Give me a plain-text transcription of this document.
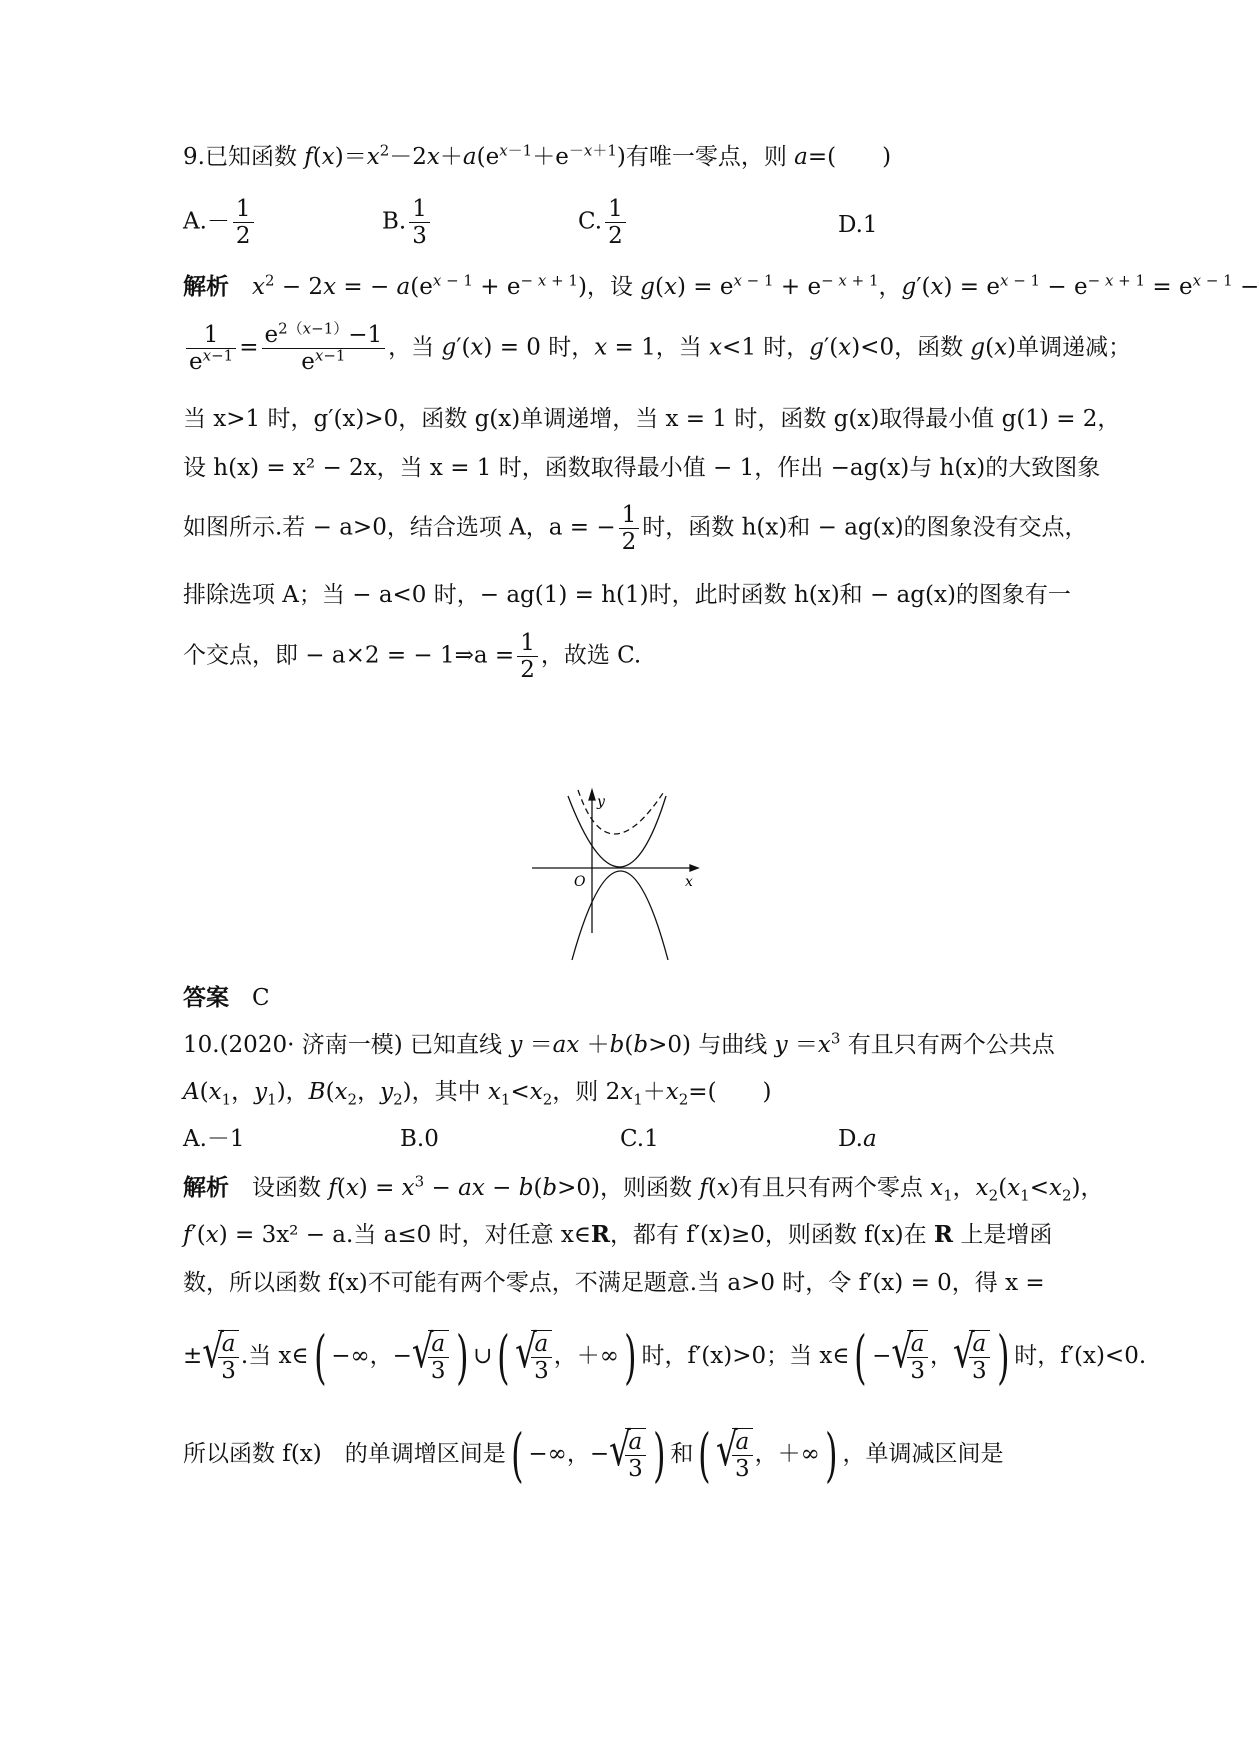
9.已知函数 $f(x)=x^2-2x+a(e^{x-1}+e^{-x+1})$有唯一零点，则 a=(　　)
$A.- \frac{1}{2}$	B. $\frac{1}{3}$	C. $\frac{1}{2}$	D.1
解析　 $x^2 - 2x$ = − $a(e^{x - 1} + e^{- x + 1})$，设 $g(x) = e^{x - 1} + e^{- x + 1}$，$g'(x) = e^{x - 1} - e^{- x + 1} = e^{x - 1}$ −
$\frac{1}{e^{x-1}} = \frac{e^{2(x-1)}-1}{e^{x-1}}$ ，当 g′(x) = 0 时，x = 1，当 x<1 时，g′(x)<0，函数 g(x)单调递减；
当 x>1 时，g′(x)>0，函数 g(x)单调递增，当 x = 1 时，函数 g(x)取得最小值 g(1) = 2，
设 h(x) = x² − 2x，当 x = 1 时，函数取得最小值 − 1，作出 −ag(x)与 h(x)的大致图象
如图所示.若 − a>0，结合选项 A，a = − $\frac{1}{2}$ 时，函数 h(x)和 − ag(x)的图象没有交点，
排除选项 A；当 − a<0 时，− ag(1) = h(1)时，此时函数 h(x)和 − ag(x)的图象有一
个交点，即 − a×2 = − 1⇒a = $\frac{1}{2}$ ，故选 C.
y
x
O
答案　 C
10.(2020· 济南一模) 已知直线 y ＝ax ＋b(b>0) 与曲线 $y =x^3$ 有且只有两个公共点
$A(x_1$，$y_1$)，$B(x_2$，$y_2$)，其中 $x_1<x_2$，则 $2x_1+x_2=$(　　)
A.－1	B.0	C.1	D.a
解析　 设函数 $f(x) = x^3$ − ax − b(b>0)，则函数 f(x)有且只有两个零点 $x_1$，$x_2(x_1<x_2)$，
f′(x) = 3x² − a.当 a≤0 时，对任意 x∈R，都有 f′(x)≥0，则函数 f(x)在 R 上是增函
数，所以函数 f(x)不可能有两个零点，不满足题意.当 a>0 时，令 f′(x) = 0，得 x =
± √ $\frac{a}{3}$ .当 x∈( −∞，− √ $\frac{a}{3}$ ) ∪( √ $\frac{a}{3}$ ，＋∞) 时，f′(x)>0；当 x∈( − √ $\frac{a}{3}$ ， √ $\frac{a}{3}$ ) 时，f′(x)<0.
所以函数 f(x)　的单调增区间是( −∞，− √ $\frac{a}{3}$ ) 和( √ $\frac{a}{3}$ ，＋∞) ，单调减区间是
